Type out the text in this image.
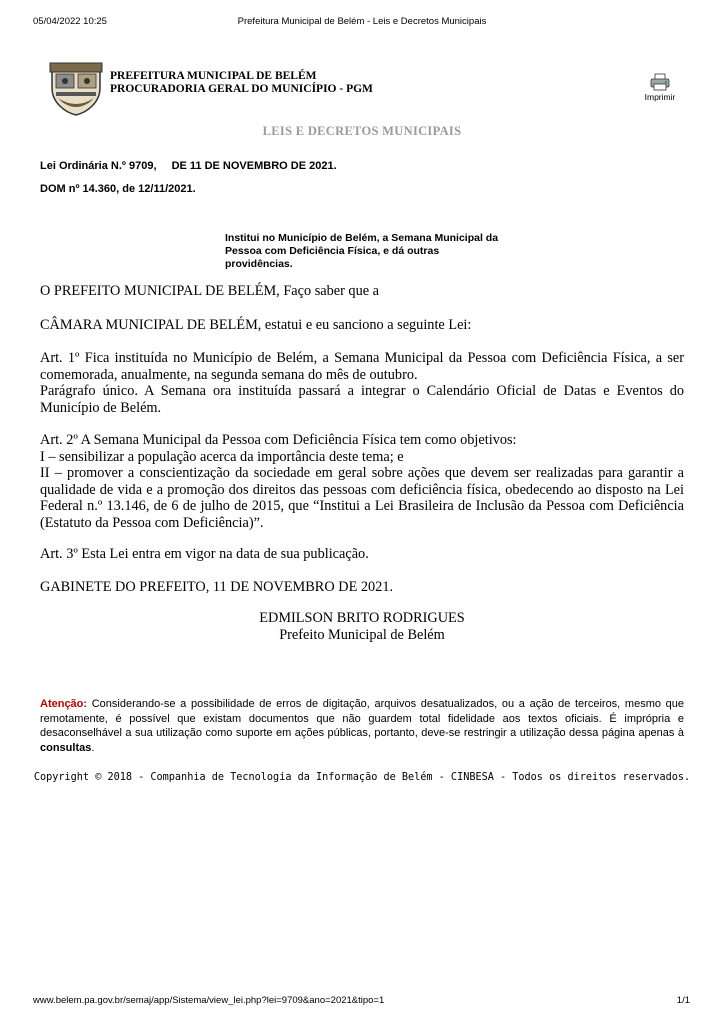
Prefeitura Municipal de Belém - Leis e Decretos Municipais
05/04/2022 10:25
PREFEITURA MUNICIPAL DE BELÉM
PROCURADORIA GERAL DO MUNICÍPIO - PGM
Imprimir
LEIS E DECRETOS MUNICIPAIS
Lei Ordinária N.º 9709, DE 11 DE NOVEMBRO DE 2021.
DOM nº 14.360, de 12/11/2021.
Institui no Município de Belém, a Semana Municipal da Pessoa com Deficiência Física, e dá outras providências.
O PREFEITO MUNICIPAL DE BELÉM, Faço saber que a
CÂMARA MUNICIPAL DE BELÉM, estatui e eu sanciono a seguinte Lei:

Art. 1º Fica instituída no Município de Belém, a Semana Municipal da Pessoa com Deficiência Física, a ser comemorada, anualmente, na segunda semana do mês de outubro.

Parágrafo único. A Semana ora instituída passará a integrar o Calendário Oficial de Datas e Eventos do Município de Belém.

Art. 2º A Semana Municipal da Pessoa com Deficiência Física tem como objetivos:

I – sensibilizar a população acerca da importância deste tema; e

II – promover a conscientização da sociedade em geral sobre ações que devem ser realizadas para garantir a qualidade de vida e a promoção dos direitos das pessoas com deficiência física, obedecendo ao disposto na Lei Federal n.º 13.146, de 6 de julho de 2015, que “Institui a Lei Brasileira de Inclusão da Pessoa com Deficiência (Estatuto da Pessoa com Deficiência)”.

Art. 3º Esta Lei entra em vigor na data de sua publicação.
GABINETE DO PREFEITO, 11 DE NOVEMBRO DE 2021.
EDMILSON BRITO RODRIGUES
Prefeito Municipal de Belém
Atenção: Considerando-se a possibilidade de erros de digitação, arquivos desatualizados, ou a ação de terceiros, mesmo que remotamente, é possível que existam documentos que não guardem total fidelidade aos textos oficiais. É imprópria e desaconselhável a sua utilização como suporte em ações públicas, portanto, deve-se restringir a utilização dessa página apenas à consultas.
Copyright © 2018 - Companhia de Tecnologia da Informação de Belém - CINBESA - Todos os direitos reservados.
www.belem.pa.gov.br/semaj/app/Sistema/view_lei.php?lei=9709&ano=2021&tipo=1	1/1
